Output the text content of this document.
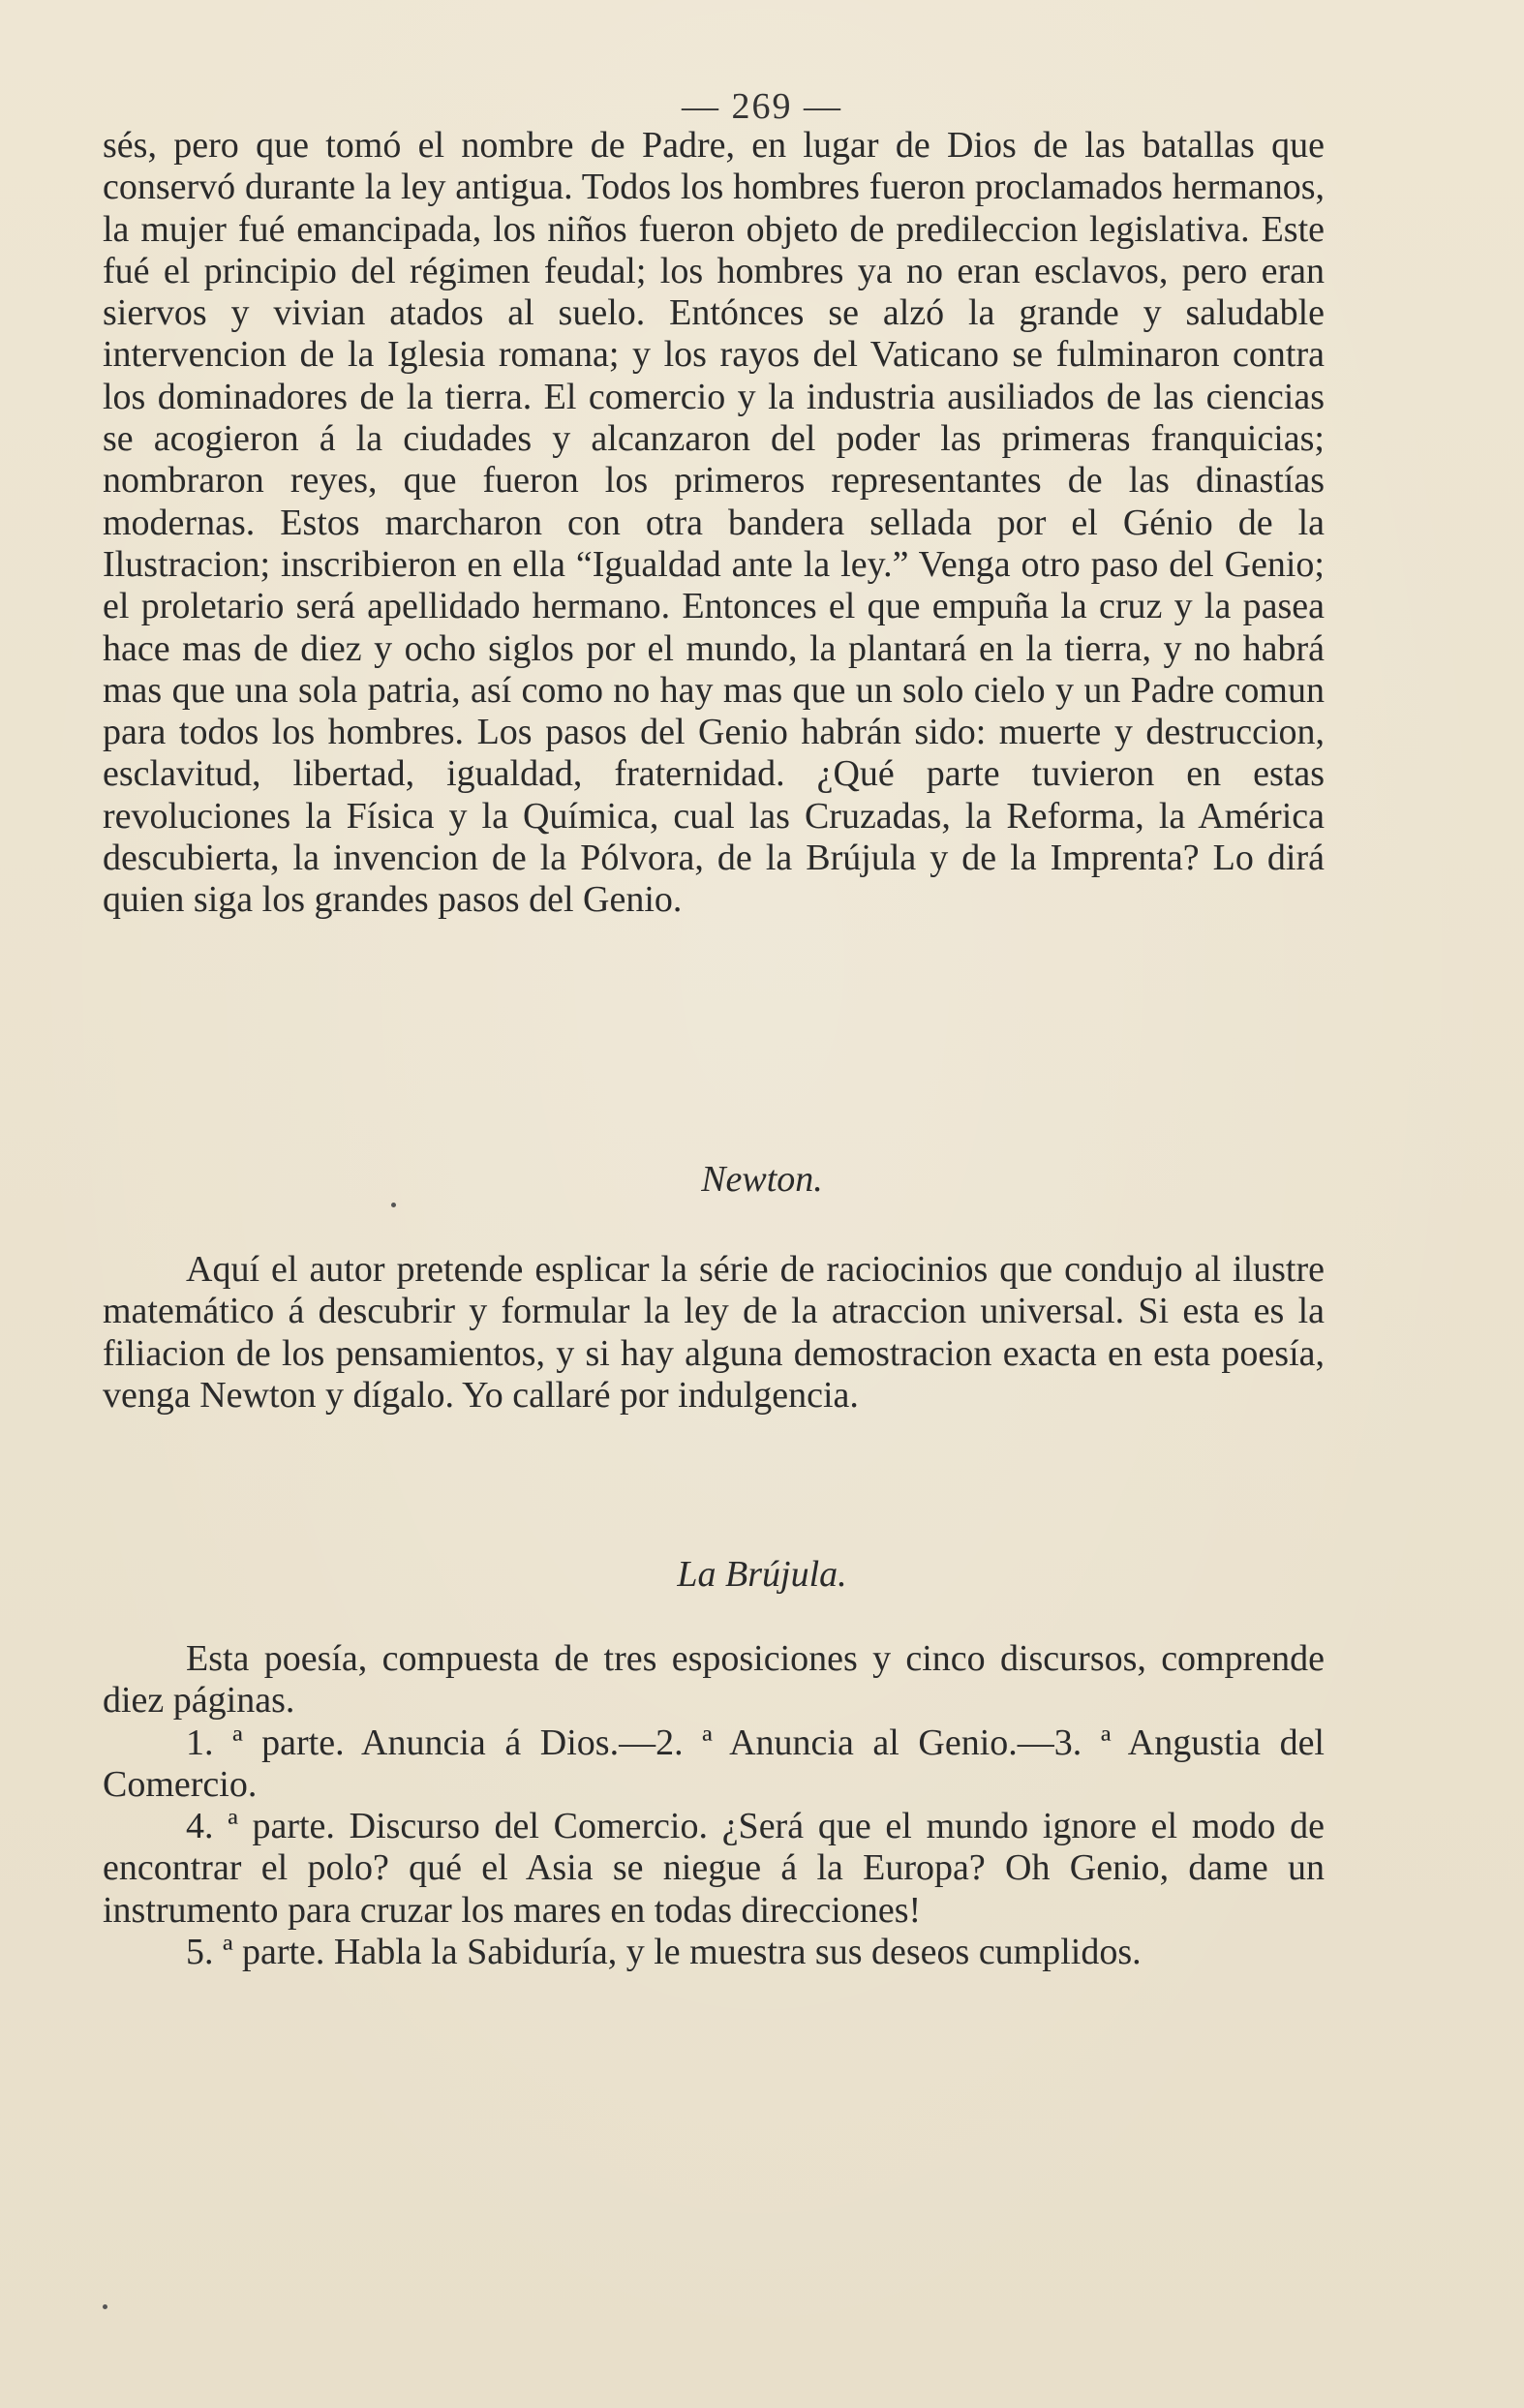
— 269 —

sés, pero que tomó el nombre de Padre, en lugar de Dios de las batallas que conservó durante la ley antigua. Todos los hombres fueron proclamados hermanos, la mujer fué emancipada, los niños fueron objeto de predileccion legislativa. Este fué el principio del régimen feudal; los hombres ya no eran esclavos, pero eran siervos y vivian atados al suelo. Entónces se alzó la grande y saludable intervencion de la Iglesia romana; y los rayos del Vaticano se fulminaron contra los dominadores de la tierra. El comercio y la industria ausiliados de las ciencias se acogieron á la ciudades y alcanzaron del poder las primeras franquicias; nombraron reyes, que fueron los primeros representantes de las dinastías modernas. Estos marcharon con otra bandera sellada por el Génio de la Ilustracion; inscribieron en ella “Igualdad ante la ley.” Venga otro paso del Genio; el proletario será apellidado hermano. Entonces el que empuña la cruz y la pasea hace mas de diez y ocho siglos por el mundo, la plantará en la tierra, y no habrá mas que una sola patria, así como no hay mas que un solo cielo y un Padre comun para todos los hombres. Los pasos del Genio habrán sido: muerte y destruccion, esclavitud, libertad, igualdad, fraternidad. ¿Qué parte tuvieron en estas revoluciones la Física y la Química, cual las Cruzadas, la Reforma, la América descubierta, la invencion de la Pólvora, de la Brújula y de la Imprenta? Lo dirá quien siga los grandes pasos del Genio.

Newton.

Aquí el autor pretende esplicar la série de raciocinios que condujo al ilustre matemático á descubrir y formular la ley de la atraccion universal. Si esta es la filiacion de los pensamientos, y si hay alguna demostracion exacta en esta poesía, venga Newton y dígalo. Yo callaré por indulgencia.

La Brújula.

Esta poesía, compuesta de tres esposiciones y cinco discursos, comprende diez páginas.

1. ª parte. Anuncia á Dios.—2. ª Anuncia al Genio.—3. ª Angustia del Comercio.

4. ª parte. Discurso del Comercio. ¿Será que el mundo ignore el modo de encontrar el polo? qué el Asia se niegue á la Europa? Oh Genio, dame un instrumento para cruzar los mares en todas direcciones!

5. ª parte. Habla la Sabiduría, y le muestra sus deseos cumplidos.
